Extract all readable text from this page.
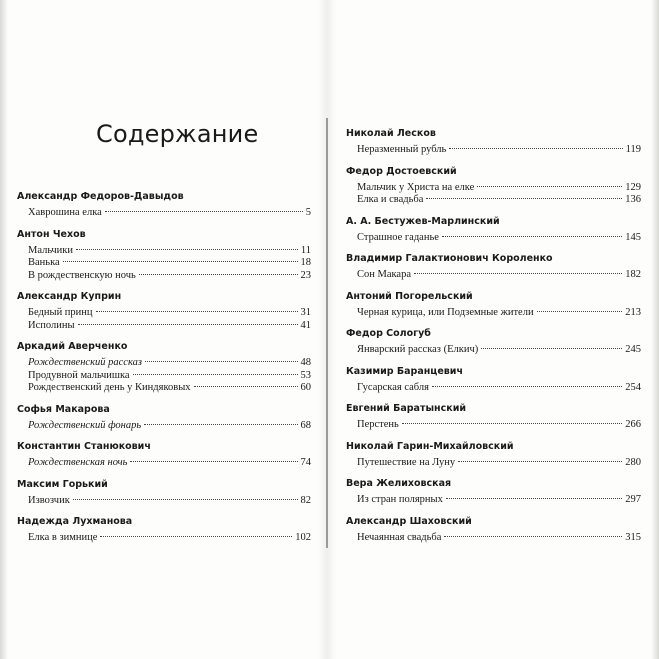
Содержание
Александр Федоров-Давыдов
Хаврошина елка	5
Антон Чехов
Мальчики	11
Ванька	18
В рождественскую ночь	23
Александр Куприн
Бедный принц	31
Исполины	41
Аркадий Аверченко
Рождественский рассказ	48
Продувной мальчишка	53
Рождественский день у Киндяковых	60
Софья Макарова
Рождественский фонарь	68
Константин Станюкович
Рождественская ночь	74
Максим Горький
Извозчик	82
Надежда Лухманова
Елка в зимнице	102
Николай Лесков
Неразменный рубль	119
Федор Достоевский
Мальчик у Христа на елке	129
Елка и свадьба	136
А. А. Бестужев-Марлинский
Страшное гаданье	145
Владимир Галактионович Короленко
Сон Макара	182
Антоний Погорельский
Черная курица, или Подземные жители	213
Федор Сологуб
Январский рассказ (Елкич)	245
Казимир Баранцевич
Гусарская сабля	254
Евгений Баратынский
Перстень	266
Николай Гарин-Михайловский
Путешествие на Луну	280
Вера Желиховская
Из стран полярных	297
Александр Шаховский
Нечаянная свадьба	315
